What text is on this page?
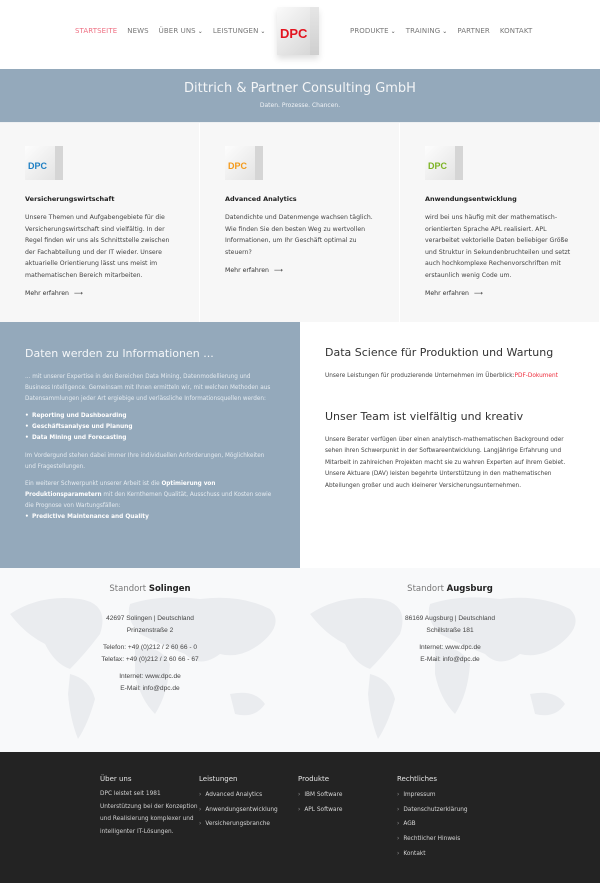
STARTSEITE NEWS ÜBER UNS ⌄ LEISTUNGEN ⌄ DPC	PRODUKTE ⌄ TRAINING ⌄ PARTNER KONTAKT
Dittrich & Partner Consulting GmbH
Daten. Prozesse. Chancen.
DPC
Versicherungswirtschaft
Unsere Themen und Aufgabengebiete für die Versicherungswirtschaft sind vielfältig. In der Regel finden wir uns als Schnittstelle zwischen der Fachabteilung und der IT wieder. Unsere aktuarielle Orientierung lässt uns meist im mathematischen Bereich mitarbeiten.
Mehr erfahren ⟶
DPC
Advanced Analytics
Datendichte und Datenmenge wachsen täglich. Wie finden Sie den besten Weg zu wertvollen Informationen, um Ihr Geschäft optimal zu steuern?
Mehr erfahren ⟶
DPC
Anwendungsentwicklung
wird bei uns häufig mit der mathematisch-orientierten Sprache APL realisiert. APL verarbeitet vektorielle Daten beliebiger Größe und Struktur in Sekundenbruchteilen und setzt auch hochkomplexe Rechenvorschriften mit erstaunlich wenig Code um.
Mehr erfahren ⟶
Daten werden zu Informationen ...

... mit unserer Expertise in den Bereichen Data Mining, Datenmodellierung und Business Intelligence. Gemeinsam mit Ihnen ermitteln wir, mit welchen Methoden aus Datensammlungen jeder Art ergiebige und verlässliche Informationsquellen werden:

• Reporting und Dashboarding
• Geschäftsanalyse und Planung
• Data Mining und Forecasting

Im Vordergund stehen dabei immer Ihre individuellen Anforderungen, Möglichkeiten und Fragestellungen.

Ein weiterer Schwerpunkt unserer Arbeit ist die Optimierung von Produktionsparametern mit den Kernthemen Qualität, Ausschuss und Kosten sowie die Prognose von Wartungsfällen:

• Predictive Maintenance and Quality
Data Science für Produktion und Wartung

Unsere Leistungen für produzierende Unternehmen im Überblick:PDF-Dokument

Unser Team ist vielfältig und kreativ

Unsere Berater verfügen über einen analytisch-mathematischen Background oder sehen ihren Schwerpunkt in der Softwareentwicklung. Langjährige Erfahrung und Mitarbeit in zahlreichen Projekten macht sie zu wahren Experten auf ihrem Gebiet. Unsere Aktuare (DAV) leisten begehrte Unterstützung in den mathematischen Abteilungen großer und auch kleinerer Versicherungsunternehmen.

Standort Solingen
42697 Solingen | Deutschland
Prinzenstraße 2
Telefon: +49 (0)212 / 2 60 66 - 0
Telefax: +49 (0)212 / 2 60 66 - 67
Internet: www.dpc.de
E-Mail: info@dpc.de
Standort Augsburg
86169 Augsburg | Deutschland
Schillstraße 181
Internet: www.dpc.de
E-Mail: info@dpc.de
Über uns

DPC leistet seit 1981 Unterstützung bei der Konzeption und Realisierung komplexer und intelligenter IT-Lösungen.

Leistungen
› Advanced Analytics
› Anwendungsentwicklung
› Versicherungsbranche
Produkte
› IBM Software
› APL Software
Rechtliches
› Impressum
› Datenschutzerklärung
› AGB
› Rechtlicher Hinweis
› Kontakt
